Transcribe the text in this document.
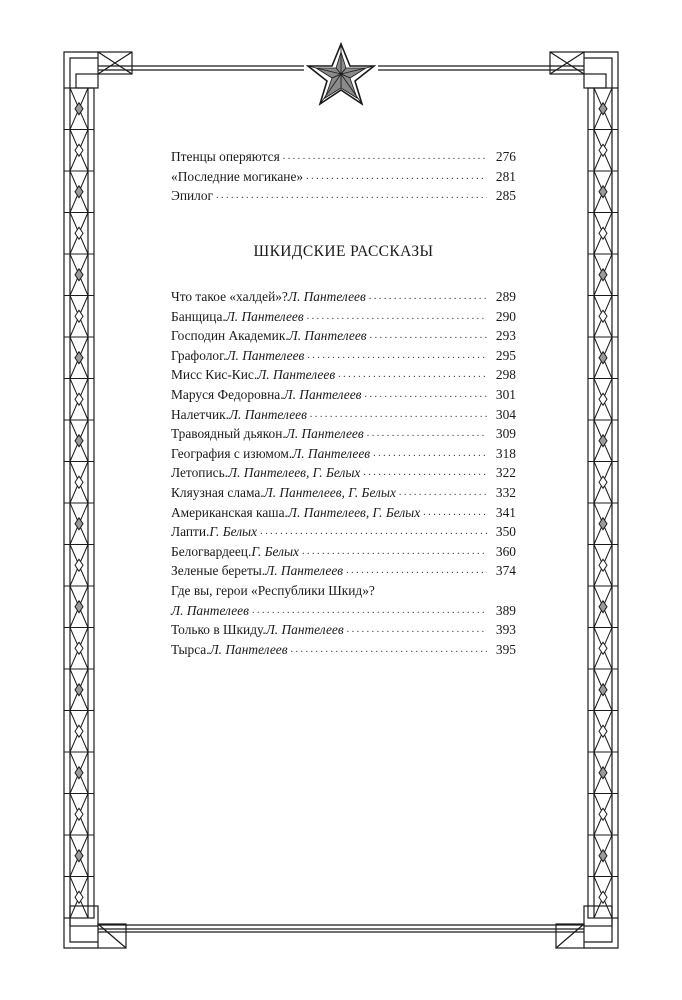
Птенцы оперяются . . .	276
«Последние могикане» . . .	281
Эпилог . . .	285
ШКИДСКИЕ РАССКАЗЫ
Что такое «халдей»? Л. Пантелеев . . .	289
Банщица. Л. Пантелеев . . .	290
Господин Академик. Л. Пантелеев . . .	293
Графолог. Л. Пантелеев . . .	295
Мисс Кис-Кис. Л. Пантелеев . . .	298
Маруся Федоровна. Л. Пантелеев . . .	301
Налетчик. Л. Пантелеев . . .	304
Травоядный дьякон. Л. Пантелеев . . .	309
География с изюмом. Л. Пантелеев . . .	318
Летопись. Л. Пантелеев, Г. Белых . . .	322
Кляузная слама. Л. Пантелеев, Г. Белых . . .	332
Американская каша. Л. Пантелеев, Г. Белых . . .	341
Лапти. Г. Белых . . .	350
Белогвардеец. Г. Белых . . .	360
Зеленые береты. Л. Пантелеев . . .	374
Где вы, герои «Республики Шкид»?
Л. Пантелеев . . .	389
Только в Шкиду. Л. Пантелеев . . .	393
Тырса. Л. Пантелеев . . .	395
